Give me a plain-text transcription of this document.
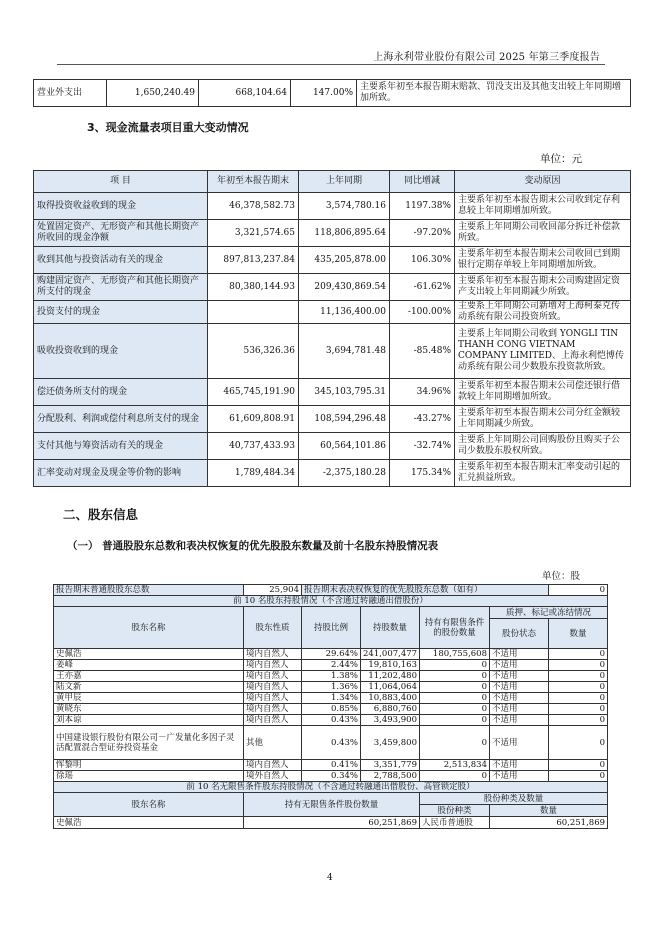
上海永利带业股份有限公司 2025 年第三季度报告
营业外支出	1,650,240.49	668,104.64	147.00%	主要系年初至本报告期末赔款、罚没支出及其他支出较上年同期增加所致。
3、现金流量表项目重大变动情况
单位：元
项 目	年初至本报告期末	上年同期	同比增减	变动原因
取得投资收益收到的现金	46,378,582.73	3,574,780.16	1197.38%	主要系年初至本报告期末公司收到定存利息较上年同期增加所致。
处置固定资产、无形资产和其他长期资产所收回的现金净额	3,321,574.65	118,806,895.64	-97.20%	主要系上年同期公司收回部分拆迁补偿款所致。
收到其他与投资活动有关的现金	897,813,237.84	435,205,878.00	106.30%	主要系年初至本报告期末公司收回已到期银行定期存单较上年同期增加所致。
购建固定资产、无形资产和其他长期资产所支付的现金	80,380,144.93	209,430,869.54	-61.62%	主要系年初至本报告期末公司购建固定资产支出较上年同期减少所致。
投资支付的现金		11,136,400.00	-100.00%	主要系上年同期公司新增对上海柯泰克传动系统有限公司投资所致。
吸收投资收到的现金	536,326.36	3,694,781.48	-85.48%	主要系上年同期公司收到 YONGLI TIN THANH CONG VIETNAM COMPANY LIMITED、上海永利恺博传动系统有限公司少数股东投资款所致。
偿还债务所支付的现金	465,745,191.90	345,103,795.31	34.96%	主要系年初至本报告期末公司偿还银行借款较上年同期增加所致。
分配股利、利润或偿付利息所支付的现金	61,609,808.91	108,594,296.48	-43.27%	主要系年初至本报告期末公司分红金额较上年同期减少所致。
支付其他与筹资活动有关的现金	40,737,433.93	60,564,101.86	-32.74%	主要系上年同期公司回购股份且购买子公司少数股东股权所致。
汇率变动对现金及现金等价物的影响	1,789,484.34	-2,375,180.28	175.34%	主要系年初至本报告期末汇率变动引起的汇兑损益所致。
二、股东信息
（一） 普通股股东总数和表决权恢复的优先股股东数量及前十名股东持股情况表
单位：股
报告期末普通股股东总数	25,904	报告期末表决权恢复的优先股股东总数（如有）				0
前 10 名股东持股情况（不含通过转融通出借股份）						
股东名称	股东性质	持股比例	持股数量	持有有限售条件的股份数量	质押、标记或冻结情况	
					股份状态	数量
史佩浩	境内自然人	29.64%	241,007,477	180,755,608	不适用	0
姜峰	境内自然人	2.44%	19,810,163	0	不适用	0
王亦嘉	境内自然人	1.38%	11,202,480	0	不适用	0
陆文新	境内自然人	1.36%	11,064,064	0	不适用	0
黄甲辰	境内自然人	1.34%	10,883,400	0	不适用	0
黄晓东	境内自然人	0.85%	6,880,760	0	不适用	0
刘本谅	境内自然人	0.43%	3,493,900	0	不适用	0
中国建设银行股份有限公司－广发量化多因子灵活配置混合型证券投资基金	其他	0.43%	3,459,800	0	不适用	0
恽黎明	境内自然人	0.41%	3,351,779	2,513,834	不适用	0
徐瑶	境外自然人	0.34%	2,788,500	0	不适用	0
前 10 名无限售条件股东持股情况（不含通过转融通出借股份、高管锁定股）						
股东名称	持有无限售条件股份数量			股份种类及数量		
				股份种类	数量	
史佩浩	60,251,869			人民币普通股	60,251,869	
4
